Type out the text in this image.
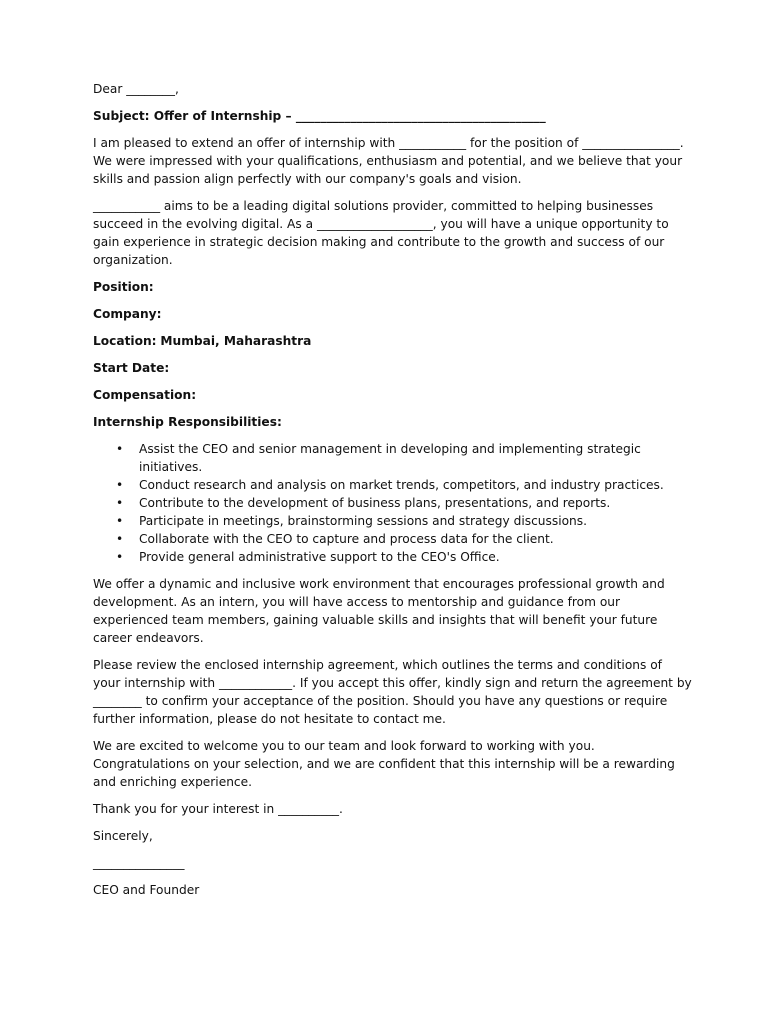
Dear ________,

Subject: Offer of Internship – _________________________________________

I am pleased to extend an offer of internship with ___________ for the position of ________________. We were impressed with your qualifications, enthusiasm and potential, and we believe that your skills and passion align perfectly with our company's goals and vision.

___________ aims to be a leading digital solutions provider, committed to helping businesses succeed in the evolving digital. As a ___________________, you will have a unique opportunity to gain experience in strategic decision making and contribute to the growth and success of our organization.

Position:

Company:

Location: Mumbai, Maharashtra

Start Date:

Compensation:

Internship Responsibilities:

• Assist the CEO and senior management in developing and implementing strategic initiatives.
• Conduct research and analysis on market trends, competitors, and industry practices.
• Contribute to the development of business plans, presentations, and reports.
• Participate in meetings, brainstorming sessions and strategy discussions.
• Collaborate with the CEO to capture and process data for the client.
• Provide general administrative support to the CEO's Office.

We offer a dynamic and inclusive work environment that encourages professional growth and development. As an intern, you will have access to mentorship and guidance from our experienced team members, gaining valuable skills and insights that will benefit your future career endeavors.

Please review the enclosed internship agreement, which outlines the terms and conditions of your internship with ____________. If you accept this offer, kindly sign and return the agreement by ________ to confirm your acceptance of the position. Should you have any questions or require further information, please do not hesitate to contact me.

We are excited to welcome you to our team and look forward to working with you. Congratulations on your selection, and we are confident that this internship will be a rewarding and enriching experience.

Thank you for your interest in __________.

Sincerely,

_______________

CEO and Founder
